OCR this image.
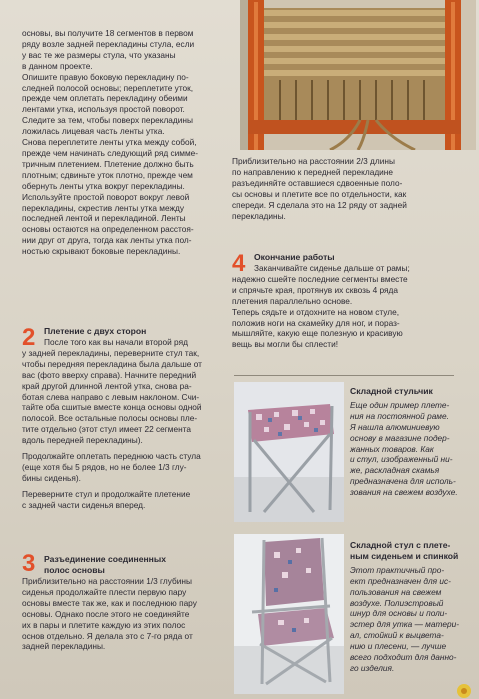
основы, вы получите 18 сегментов в первом

ряду возле задней перекладины стула, если

у вас те же размеры стула, что указаны

в данном проекте.

Опишите правую боковую перекладину по-

следней полосой основы; переплетите уток,

прежде чем оплетать перекладину обеими

лентами утка, используя простой поворот.

Следите за тем, чтобы поверх перекладины

ложилась лицевая часть ленты утка.

Снова переплетите ленты утка между собой,

прежде чем начинать следующий ряд симме-

тричным плетением. Плетение должно быть

плотным; сдвиньте уток плотно, прежде чем

обернуть ленты утка вокруг перекладины.

Используйте простой поворот вокруг левой

перекладины, скрестив ленты утка между

последней лентой и перекладиной. Ленты

основы остаются на определенном расстоя-

нии друг от друга, тогда как ленты утка пол-

ностью скрывают боковые перекладины.

2	Плетение с двух сторон

После того как вы начали второй ряд

у задней перекладины, переверните стул так,

чтобы передняя перекладина была дальше от

вас (фото вверху справа). Начните передний

край другой длинной лентой утка, снова ра-

ботая слева направо с левым наклоном. Счи-

тайте оба сшитые вместе конца основы одной

полосой. Все остальные полосы основы пле-

тите отдельно (этот стул имеет 22 сегмента

вдоль передней перекладины).

Продолжайте оплетать переднюю часть стула

(еще хотя бы 5 рядов, но не более 1/3 глу-

бины сиденья).

Переверните стул и продолжайте плетение

с задней части сиденья вперед.

3	Разъединение соединенных

полос основы

Приблизительно на расстоянии 1/3 глубины

сиденья продолжайте плести первую пару

основы вместе так же, как и последнюю пару

основы. Однако после этого не соединяйте

их в пары и плетите каждую из этих полос

основ отдельно. Я делала это с 7-го ряда от

задней перекладины.

Приблизительно на расстоянии 2/3 длины

по направлению к передней перекладине

разъединяйте оставшиеся сдвоенные поло-

сы основы и плетите все по отдельности, как

спереди. Я сделала это на 12 ряду от задней

перекладины.

4	Окончание работы

Заканчивайте сиденье дальше от рамы;

надежно сшейте последние сегменты вместе

и спрячьте края, протянув их сквозь 4 ряда

плетения параллельно основе.

Теперь сядьте и отдохните на новом стуле,

положив ноги на скамейку для ног, и пораз-

мышляйте, какую еще полезную и красивую

вещь вы могли бы сплести!

Складной стульчик

Еще один пример плете-

ния на постоянной раме.

Я нашла алюминиевую

основу в магазине подер-

жанных товаров. Как

и стул, изображенный ни-

же, раскладная скамья

предназначена для исполь-

зования на свежем воздухе.

Складной стул с плете-

ным сиденьем и спинкой

Этот практичный про-

ект предназначен для ис-

пользования на свежем

воздухе. Полиэстровый

шнур для основы и поли-

эстер для утка — матери-

ал, стойкий к выцвета-

нию и плесени, — лучше

всего подходит для данно-

го изделия.
